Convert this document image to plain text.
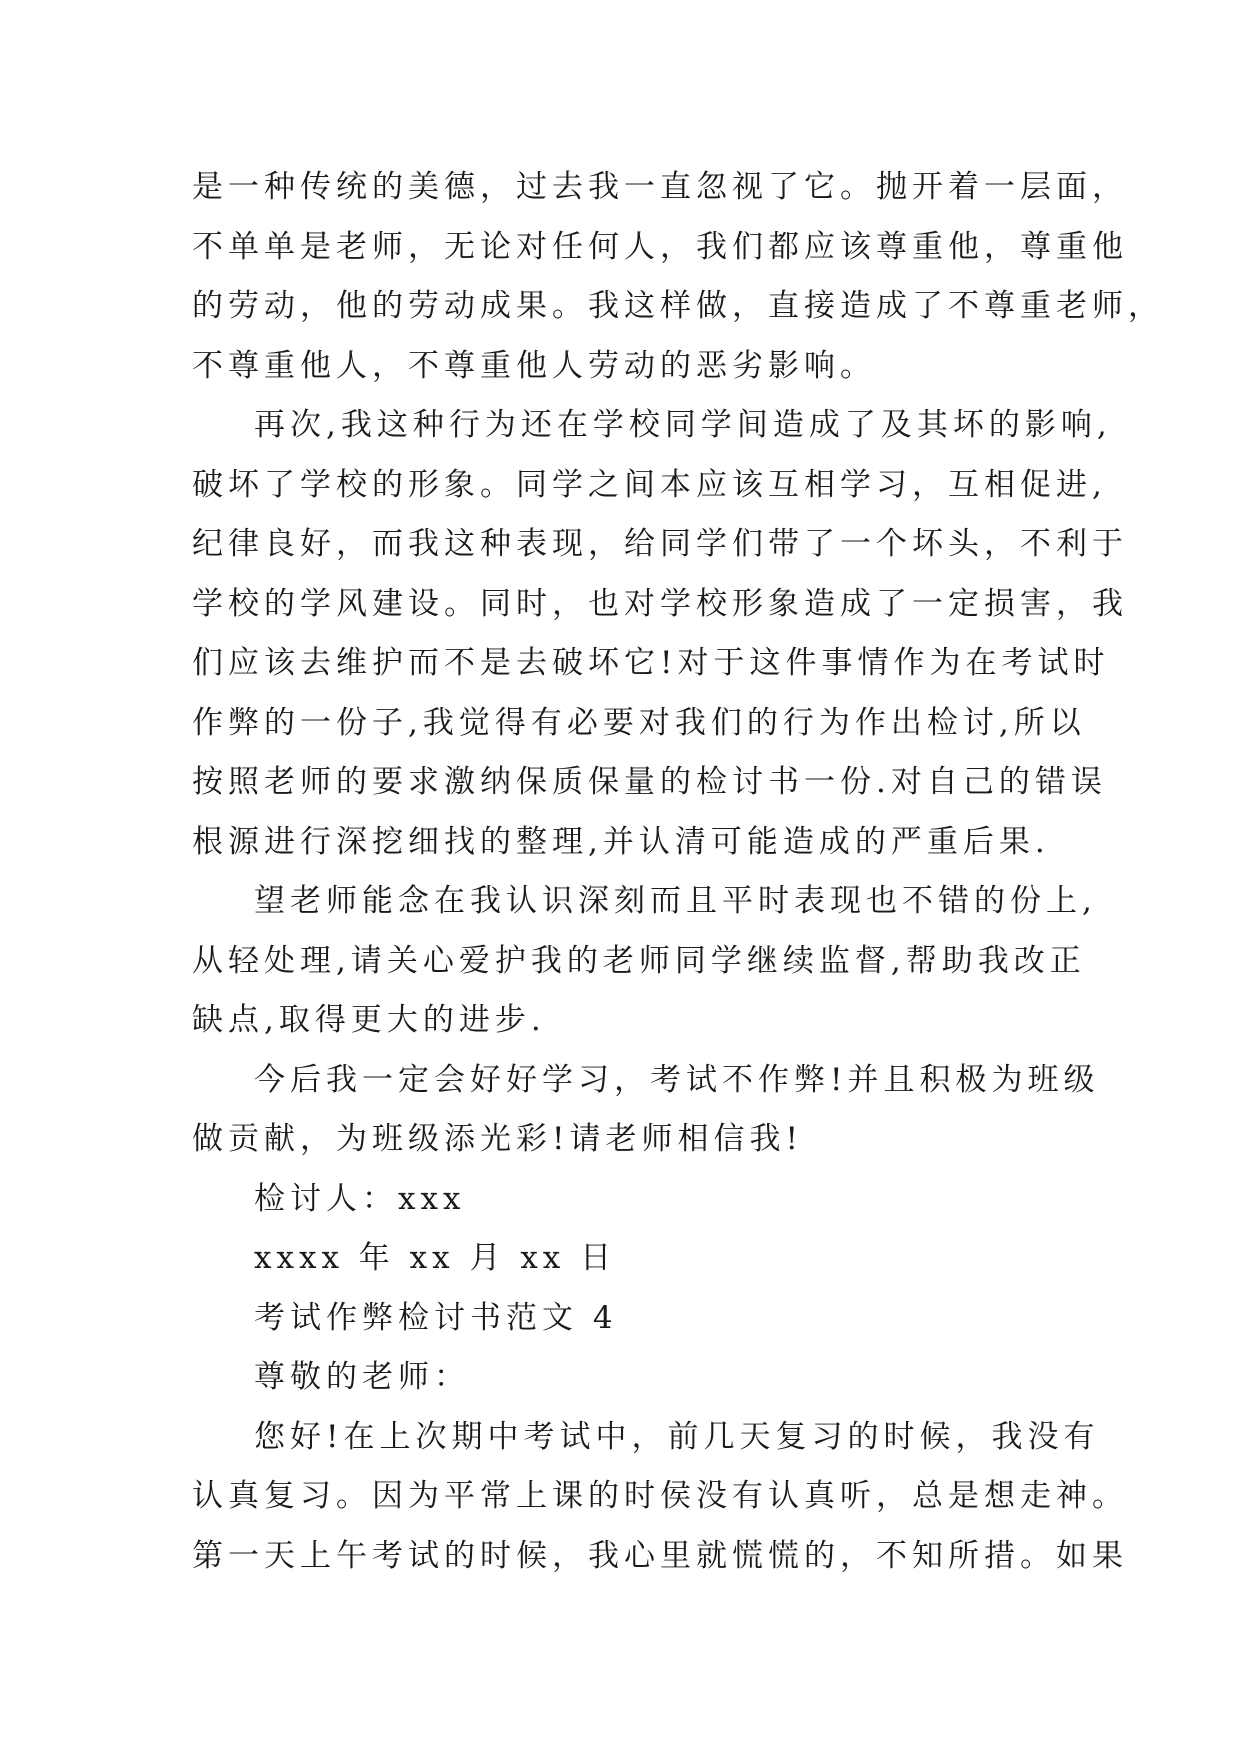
是一种传统的美德，过去我一直忽视了它。抛开着一层面，
不单单是老师，无论对任何人，我们都应该尊重他，尊重他
的劳动，他的劳动成果。我这样做，直接造成了不尊重老师，
不尊重他人，不尊重他人劳动的恶劣影响。
再次,我这种行为还在学校同学间造成了及其坏的影响,
破坏了学校的形象。同学之间本应该互相学习，互相促进,
纪律良好，而我这种表现，给同学们带了一个坏头，不利于
学校的学风建设。同时，也对学校形象造成了一定损害，我
们应该去维护而不是去破坏它!对于这件事情作为在考试时
作弊的一份子,我觉得有必要对我们的行为作出检讨,所以
按照老师的要求激纳保质保量的检讨书一份.对自己的错误
根源进行深挖细找的整理,并认清可能造成的严重后果.
望老师能念在我认识深刻而且平时表现也不错的份上,
从轻处理,请关心爱护我的老师同学继续监督,帮助我改正
缺点,取得更大的进步.
今后我一定会好好学习，考试不作弊!并且积极为班级
做贡献，为班级添光彩!请老师相信我!
检讨人：xxx
xxxx 年 xx 月 xx 日
考试作弊检讨书范文 4
尊敬的老师：
您好!在上次期中考试中，前几天复习的时候，我没有
认真复习。因为平常上课的时侯没有认真听，总是想走神。
第一天上午考试的时候，我心里就慌慌的，不知所措。如果
